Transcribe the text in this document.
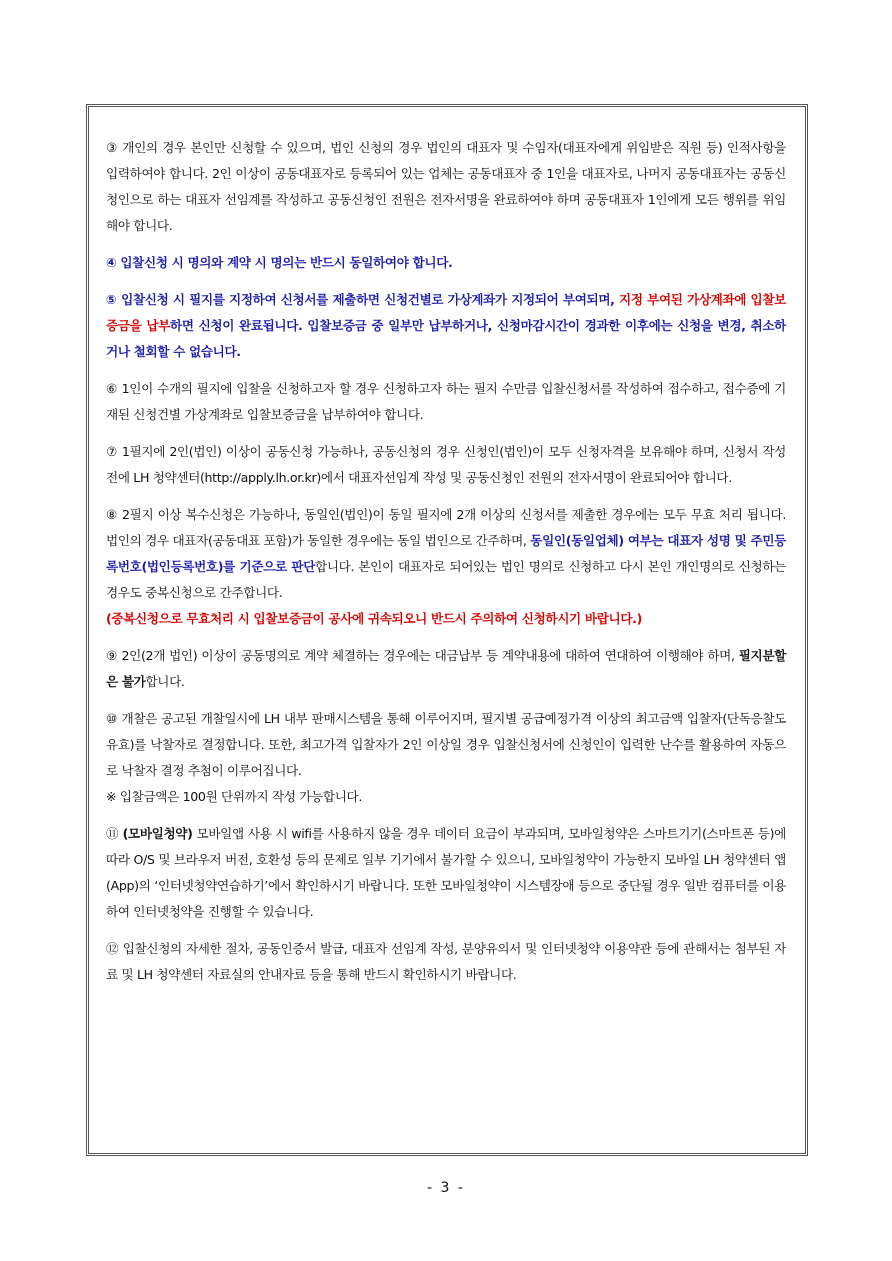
③ 개인의 경우 본인만 신청할 수 있으며, 법인 신청의 경우 법인의 대표자 및 수임자(대표자에게 위임받은 직원 등) 인적사항을 입력하여야 합니다. 2인 이상이 공동대표자로 등록되어 있는 업체는 공동대표자 중 1인을 대표자로, 나머지 공동대표자는 공동신청인으로 하는 대표자 선임계를 작성하고 공동신청인 전원은 전자서명을 완료하여야 하며 공동대표자 1인에게 모든 행위를 위임해야 합니다.

④ 입찰신청 시 명의와 계약 시 명의는 반드시 동일하여야 합니다.

⑤ 입찰신청 시 필지를 지정하여 신청서를 제출하면 신청건별로 가상계좌가 지정되어 부여되며, 지정 부여된 가상계좌에 입찰보증금을 납부하면 신청이 완료됩니다. 입찰보증금 중 일부만 납부하거나, 신청마감시간이 경과한 이후에는 신청을 변경, 취소하거나 철회할 수 없습니다.

⑥ 1인이 수개의 필지에 입찰을 신청하고자 할 경우 신청하고자 하는 필지 수만큼 입찰신청서를 작성하여 접수하고, 접수증에 기재된 신청건별 가상계좌로 입찰보증금을 납부하여야 합니다.

⑦ 1필지에 2인(법인) 이상이 공동신청 가능하나, 공동신청의 경우 신청인(법인)이 모두 신청자격을 보유해야 하며, 신청서 작성 전에 LH 청약센터(http://apply.lh.or.kr)에서 대표자선임계 작성 및 공동신청인 전원의 전자서명이 완료되어야 합니다.

⑧ 2필지 이상 복수신청은 가능하나, 동일인(법인)이 동일 필지에 2개 이상의 신청서를 제출한 경우에는 모두 무효 처리 됩니다. 법인의 경우 대표자(공동대표 포함)가 동일한 경우에는 동일 법인으로 간주하며, 동일인(동일업체) 여부는 대표자 성명 및 주민등록번호(법인등록번호)를 기준으로 판단합니다. 본인이 대표자로 되어있는 법인 명의로 신청하고 다시 본인 개인명의로 신청하는 경우도 중복신청으로 간주합니다.

(중복신청으로 무효처리 시 입찰보증금이 공사에 귀속되오니 반드시 주의하여 신청하시기 바랍니다.)

⑨ 2인(2개 법인) 이상이 공동명의로 계약 체결하는 경우에는 대금납부 등 계약내용에 대하여 연대하여 이행해야 하며, 필지분할은 불가합니다.

⑩ 개찰은 공고된 개찰일시에 LH 내부 판매시스템을 통해 이루어지며, 필지별 공급예정가격 이상의 최고금액 입찰자(단독응찰도 유효)를 낙찰자로 결정합니다. 또한, 최고가격 입찰자가 2인 이상일 경우 입찰신청서에 신청인이 입력한 난수를 활용하여 자동으로 낙찰자 결정 추첨이 이루어집니다.

※ 입찰금액은 100원 단위까지 작성 가능합니다.

⑪ (모바일청약) 모바일앱 사용 시 wifi를 사용하지 않을 경우 데이터 요금이 부과되며, 모바일청약은 스마트기기(스마트폰 등)에 따라 O/S 및 브라우저 버전, 호환성 등의 문제로 일부 기기에서 불가할 수 있으니, 모바일청약이 가능한지 모바일 LH 청약센터 앱(App)의 ‘인터넷청약연습하기’에서 확인하시기 바랍니다. 또한 모바일청약이 시스템장애 등으로 중단될 경우 일반 컴퓨터를 이용하여 인터넷청약을 진행할 수 있습니다.

⑫ 입찰신청의 자세한 절차, 공동인증서 발급, 대표자 선임계 작성, 분양유의서 및 인터넷청약 이용약관 등에 관해서는 첨부된 자료 및 LH 청약센터 자료실의 안내자료 등을 통해 반드시 확인하시기 바랍니다.

- 3 -
